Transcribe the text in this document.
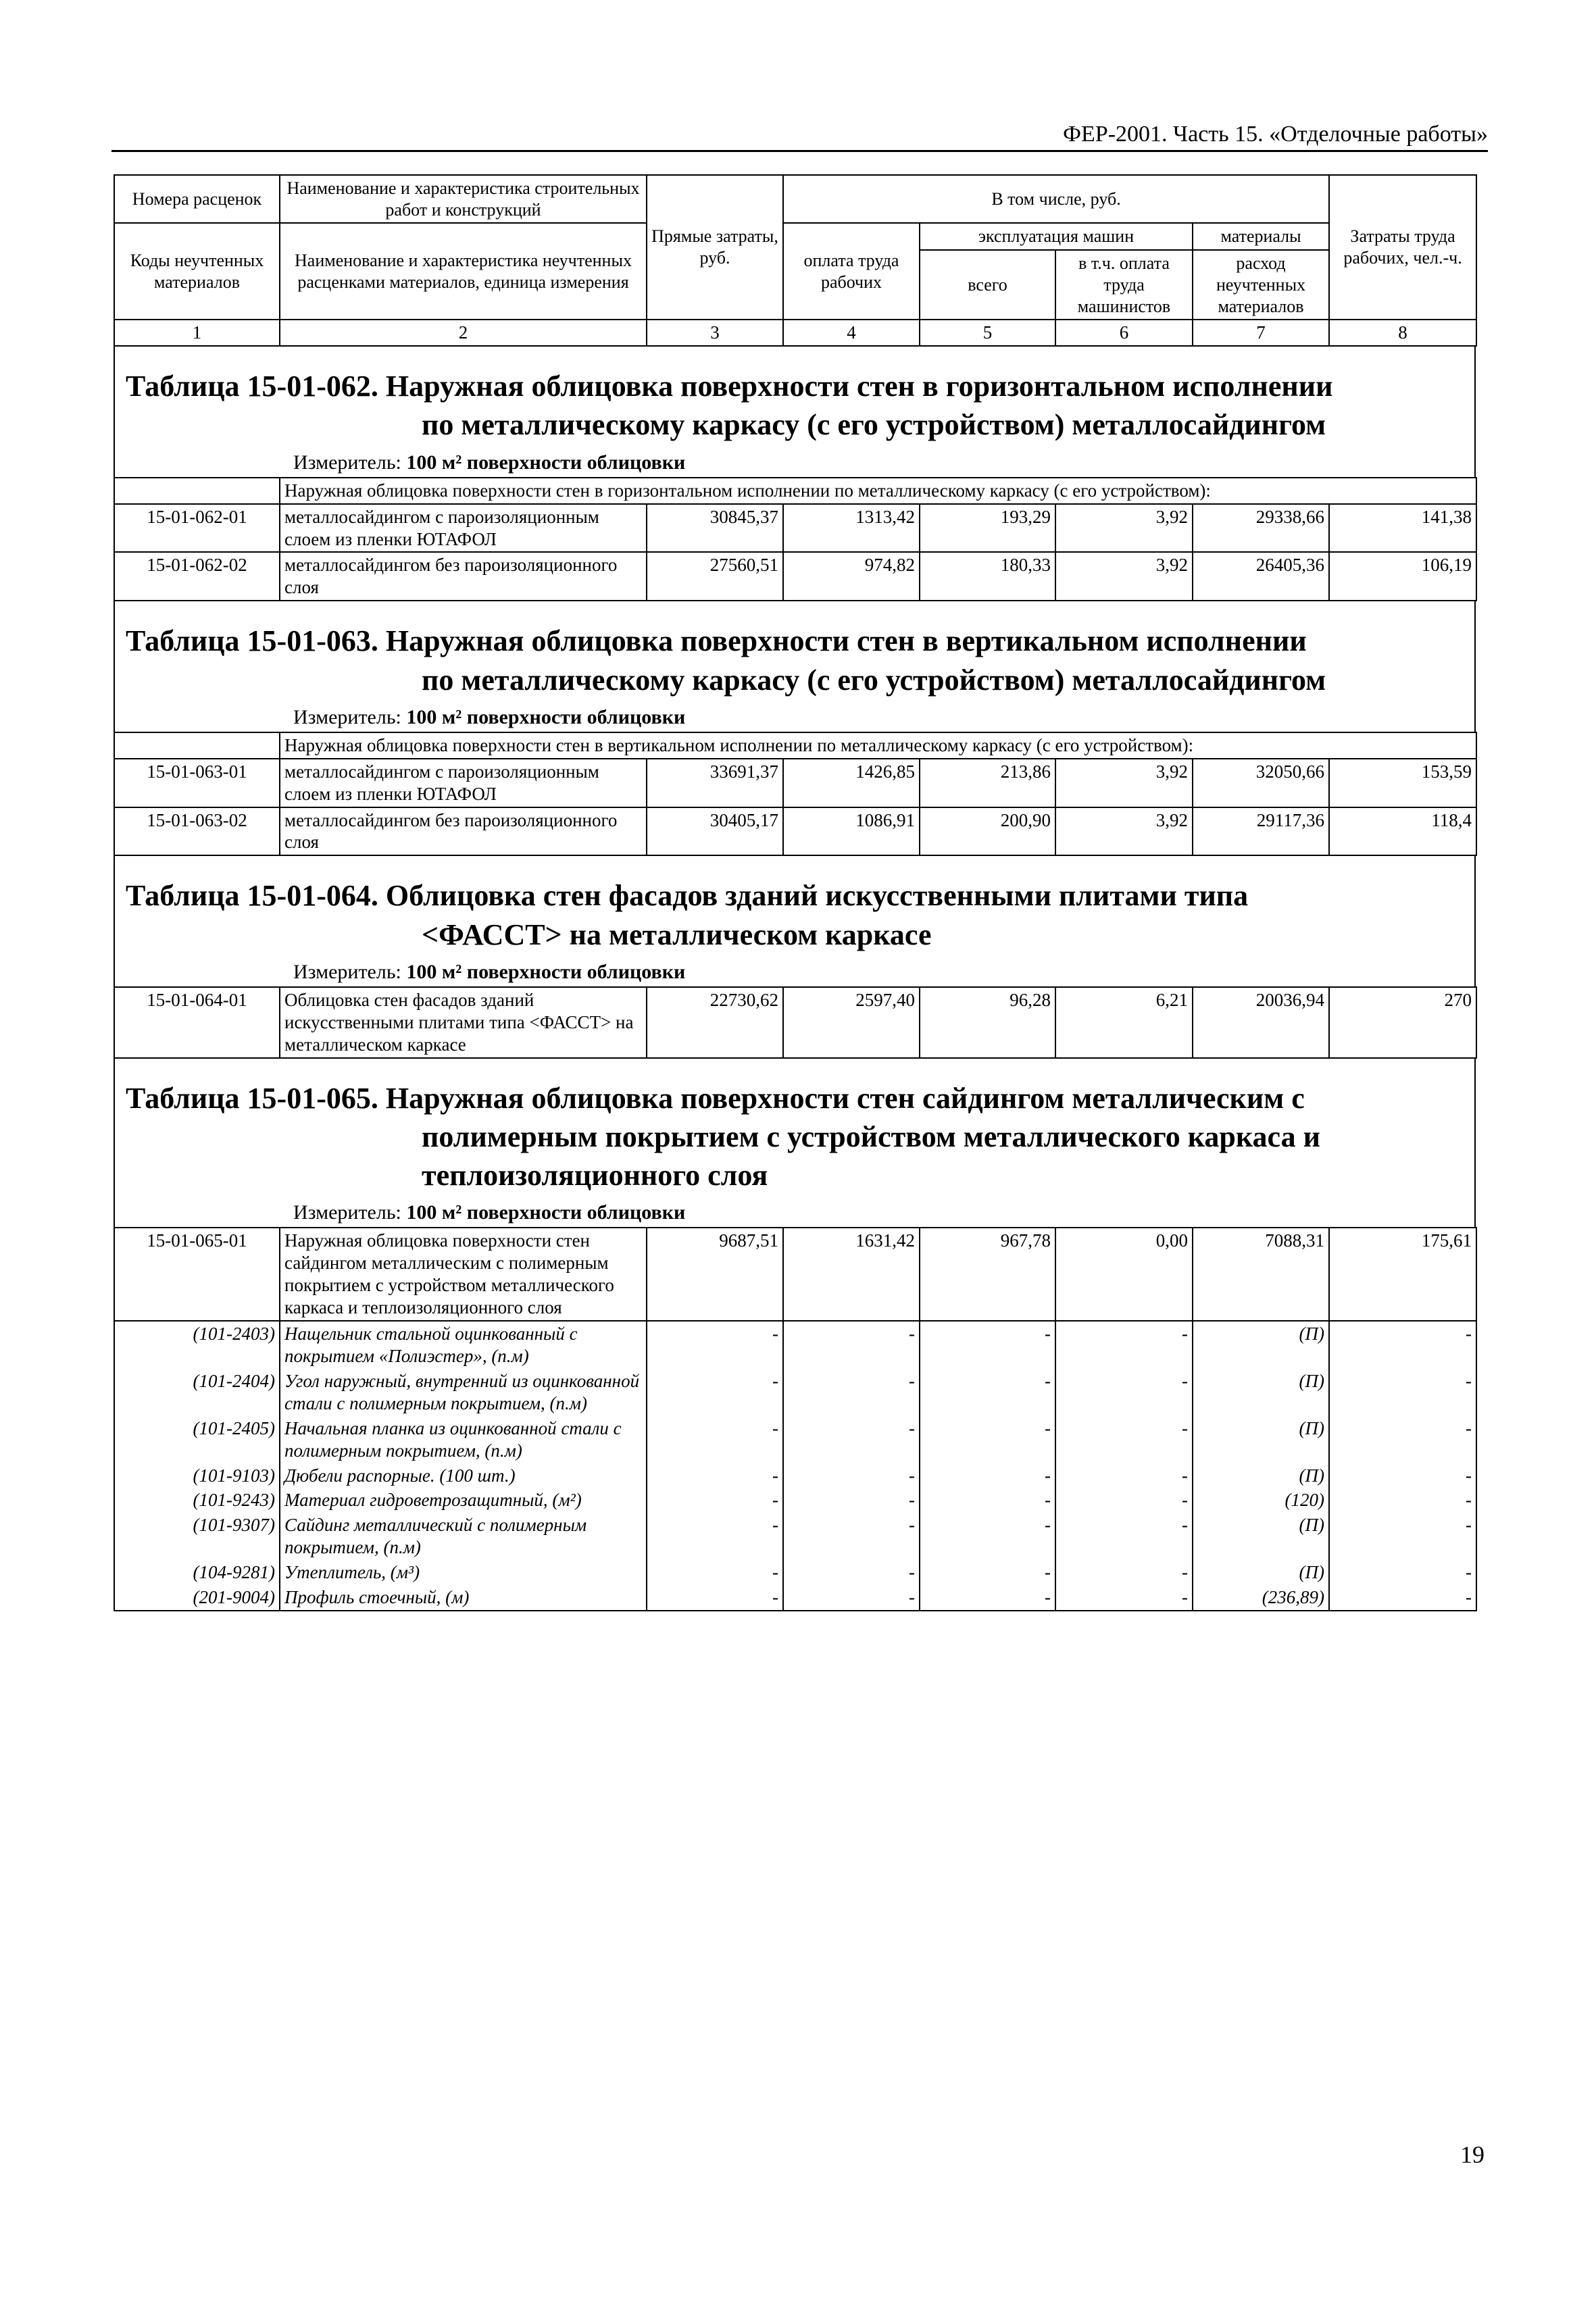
ФЕР-2001. Часть 15. «Отделочные работы»
Номера расценок	Наименование и характеристика строительных работ и конструкций	Прямые затраты, руб.	В том числе, руб.				Затраты труда рабочих, чел.-ч.
Коды неучтенных материалов	Наименование и характеристика неучтенных расценками материалов, единица измерения		оплата труда рабочих	эксплуатация машин		материалы	
				всего	в т.ч. оплата труда машинистов	расход неучтенных материалов	
1	2	3	4	5	6	7	8
Таблица 15-01-062. Наружная облицовка поверхности стен в горизонтальном исполнении
по металлическому каркасу (с его устройством) металлосайдингом
Измеритель: 100 м² поверхности облицовки
	Наружная облицовка поверхности стен в горизонтальном исполнении по металлическому каркасу (с его устройством):						
15-01-062-01	металлосайдингом с пароизоляционным слоем из пленки ЮТАФОЛ	30845,37	1313,42	193,29	3,92	29338,66	141,38
15-01-062-02	металлосайдингом без пароизоляционного слоя	27560,51	974,82	180,33	3,92	26405,36	106,19
Таблица 15-01-063. Наружная облицовка поверхности стен в вертикальном исполнении
по металлическому каркасу (с его устройством) металлосайдингом
Измеритель: 100 м² поверхности облицовки
	Наружная облицовка поверхности стен в вертикальном исполнении по металлическому каркасу (с его устройством):						
15-01-063-01	металлосайдингом с пароизоляционным слоем из пленки ЮТАФОЛ	33691,37	1426,85	213,86	3,92	32050,66	153,59
15-01-063-02	металлосайдингом без пароизоляционного слоя	30405,17	1086,91	200,90	3,92	29117,36	118,4
Таблица 15-01-064. Облицовка стен фасадов зданий искусственными плитами типа
<ФАССТ> на металлическом каркасе
Измеритель: 100 м² поверхности облицовки
15-01-064-01	Облицовка стен фасадов зданий искусственными плитами типа <ФАССТ> на металлическом каркасе	22730,62	2597,40	96,28	6,21	20036,94	270
Таблица 15-01-065. Наружная облицовка поверхности стен сайдингом металлическим с
полимерным покрытием с устройством металлического каркаса и
теплоизоляционного слоя
Измеритель: 100 м² поверхности облицовки
15-01-065-01	Наружная облицовка поверхности стен сайдингом металлическим с полимерным покрытием с устройством металлического каркаса и теплоизоляционного слоя	9687,51	1631,42	967,78	0,00	7088,31	175,61
(101-2403)	Нащельник стальной оцинкованный с покрытием «Полиэстер», (п.м)	-	-	-	-	(П)	-
(101-2404)	Угол наружный, внутренний из оцинкованной стали с полимерным покрытием, (п.м)	-	-	-	-	(П)	-
(101-2405)	Начальная планка из оцинкованной стали с полимерным покрытием, (п.м)	-	-	-	-	(П)	-
(101-9103)	Дюбели распорные. (100 шт.)	-	-	-	-	(П)	-
(101-9243)	Материал гидроветрозащитный, (м²)	-	-	-	-	(120)	-
(101-9307)	Сайдинг металлический с полимерным покрытием, (п.м)	-	-	-	-	(П)	-
(104-9281)	Утеплитель, (м³)	-	-	-	-	(П)	-
(201-9004)	Профиль стоечный, (м)	-	-	-	-	(236,89)	-

19
